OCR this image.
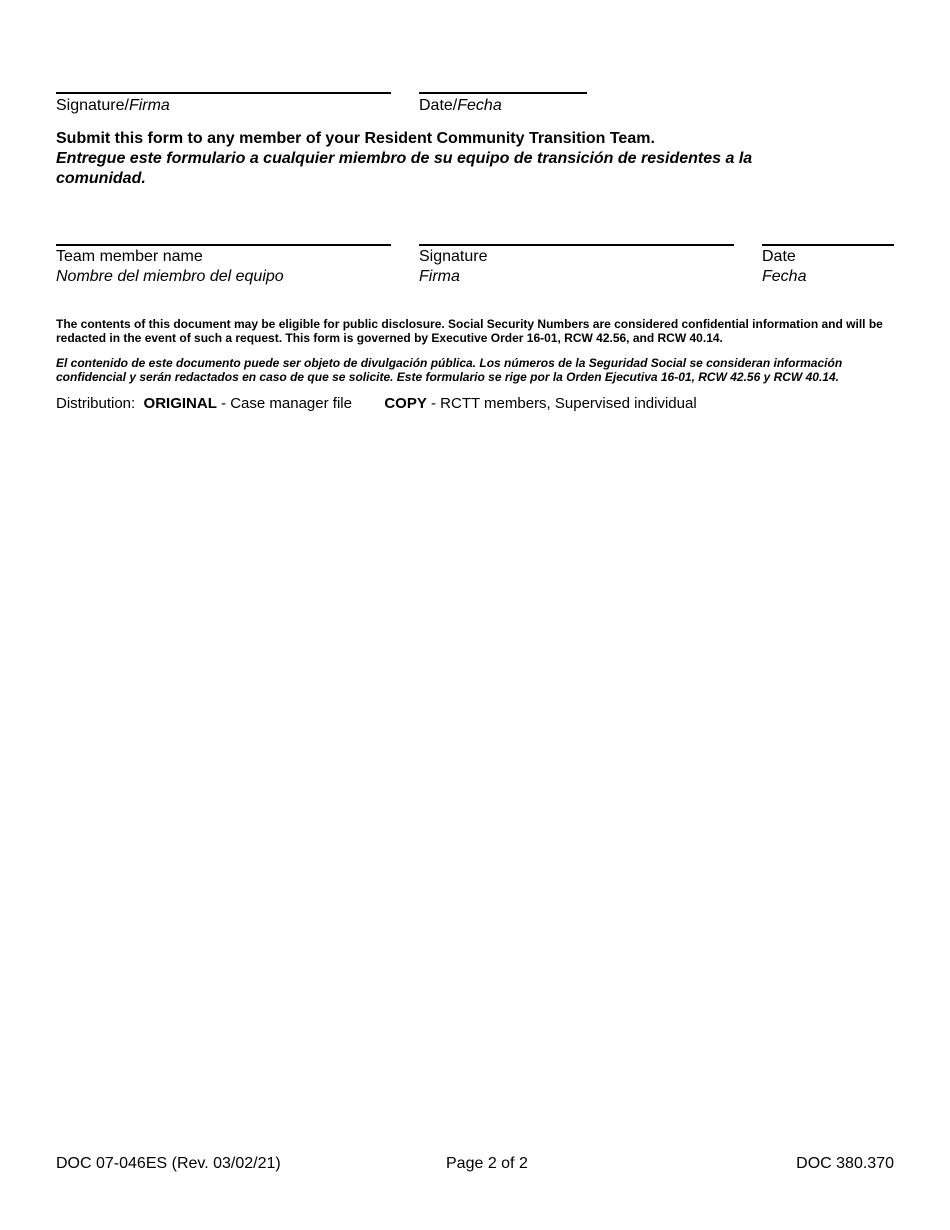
Signature/Firma	Date/Fecha
Submit this form to any member of your Resident Community Transition Team.
Entregue este formulario a cualquier miembro de su equipo de transición de residentes a la comunidad.
Team member name
Nombre del miembro del equipo
Signature
Firma
Date
Fecha
The contents of this document may be eligible for public disclosure. Social Security Numbers are considered confidential information and will be redacted in the event of such a request. This form is governed by Executive Order 16-01, RCW 42.56, and RCW 40.14.
El contenido de este documento puede ser objeto de divulgación pública. Los números de la Seguridad Social se consideran información confidencial y serán redactados en caso de que se solicite. Este formulario se rige por la Orden Ejecutiva 16-01, RCW 42.56 y RCW 40.14.
Distribution: ORIGINAL - Case manager file COPY - RCTT members, Supervised individual
DOC 07-046ES (Rev. 03/02/21)	Page 2 of 2	DOC 380.370
